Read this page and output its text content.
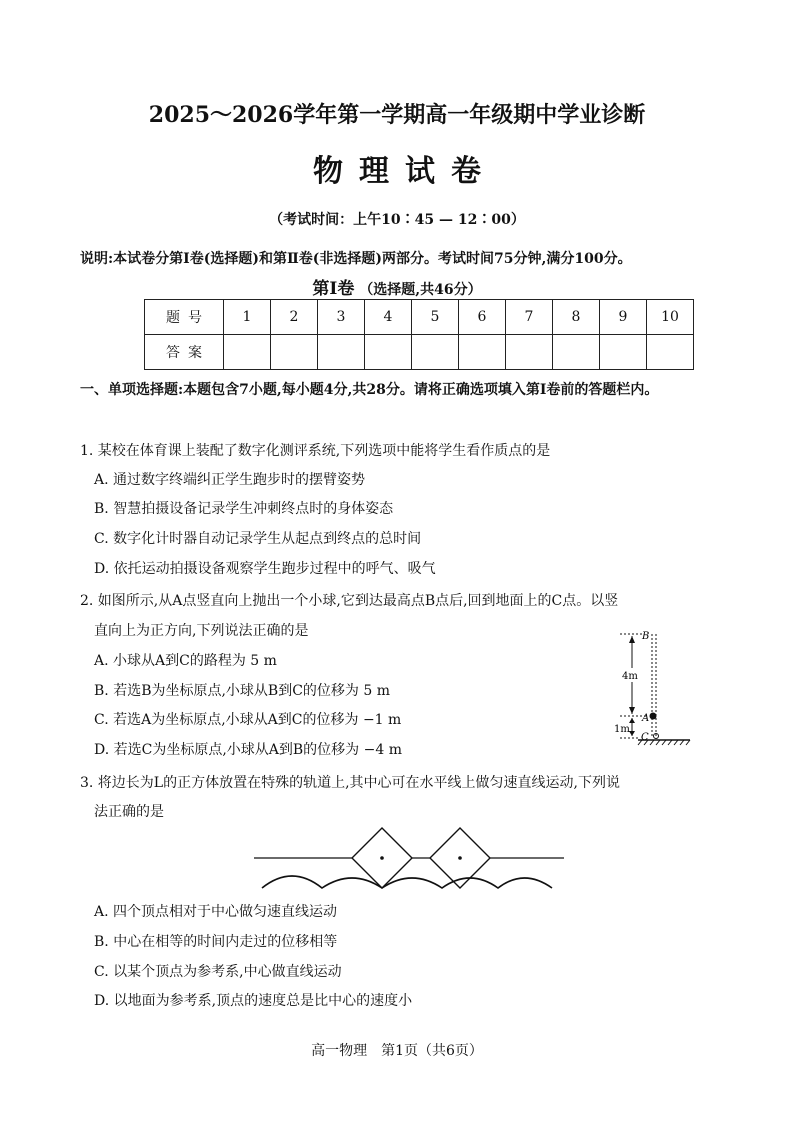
2025～2026学年第一学期高一年级期中学业诊断
物理试卷
（考试时间：上午10∶45 — 12∶00）
说明:本试卷分第Ⅰ卷(选择题)和第Ⅱ卷(非选择题)两部分。考试时间75分钟,满分100分。
第Ⅰ卷 （选择题,共46分）
题号	1	2	3	4	5	6	7	8	9	10
答案										
一、单项选择题:本题包含7小题,每小题4分,共28分。请将正确选项填入第Ⅰ卷前的答题栏内。
1. 某校在体育课上装配了数字化测评系统,下列选项中能将学生看作质点的是
A. 通过数字终端纠正学生跑步时的摆臂姿势
B. 智慧拍摄设备记录学生冲刺终点时的身体姿态
C. 数字化计时器自动记录学生从起点到终点的总时间
D. 依托运动拍摄设备观察学生跑步过程中的呼气、吸气
2. 如图所示,从A点竖直向上抛出一个小球,它到达最高点B点后,回到地面上的C点。以竖
直向上为正方向,下列说法正确的是
A. 小球从A到C的路程为 5 m
B. 若选B为坐标原点,小球从B到C的位移为 5 m
C. 若选A为坐标原点,小球从A到C的位移为 −1 m
D. 若选C为坐标原点,小球从A到B的位移为 −4 m
B
A
C
4m
1m
3. 将边长为L的正方体放置在特殊的轨道上,其中心可在水平线上做匀速直线运动,下列说
法正确的是
A. 四个顶点相对于中心做匀速直线运动
B. 中心在相等的时间内走过的位移相等
C. 以某个顶点为参考系,中心做直线运动
D. 以地面为参考系,顶点的速度总是比中心的速度小
高一物理　第1页（共6页）
